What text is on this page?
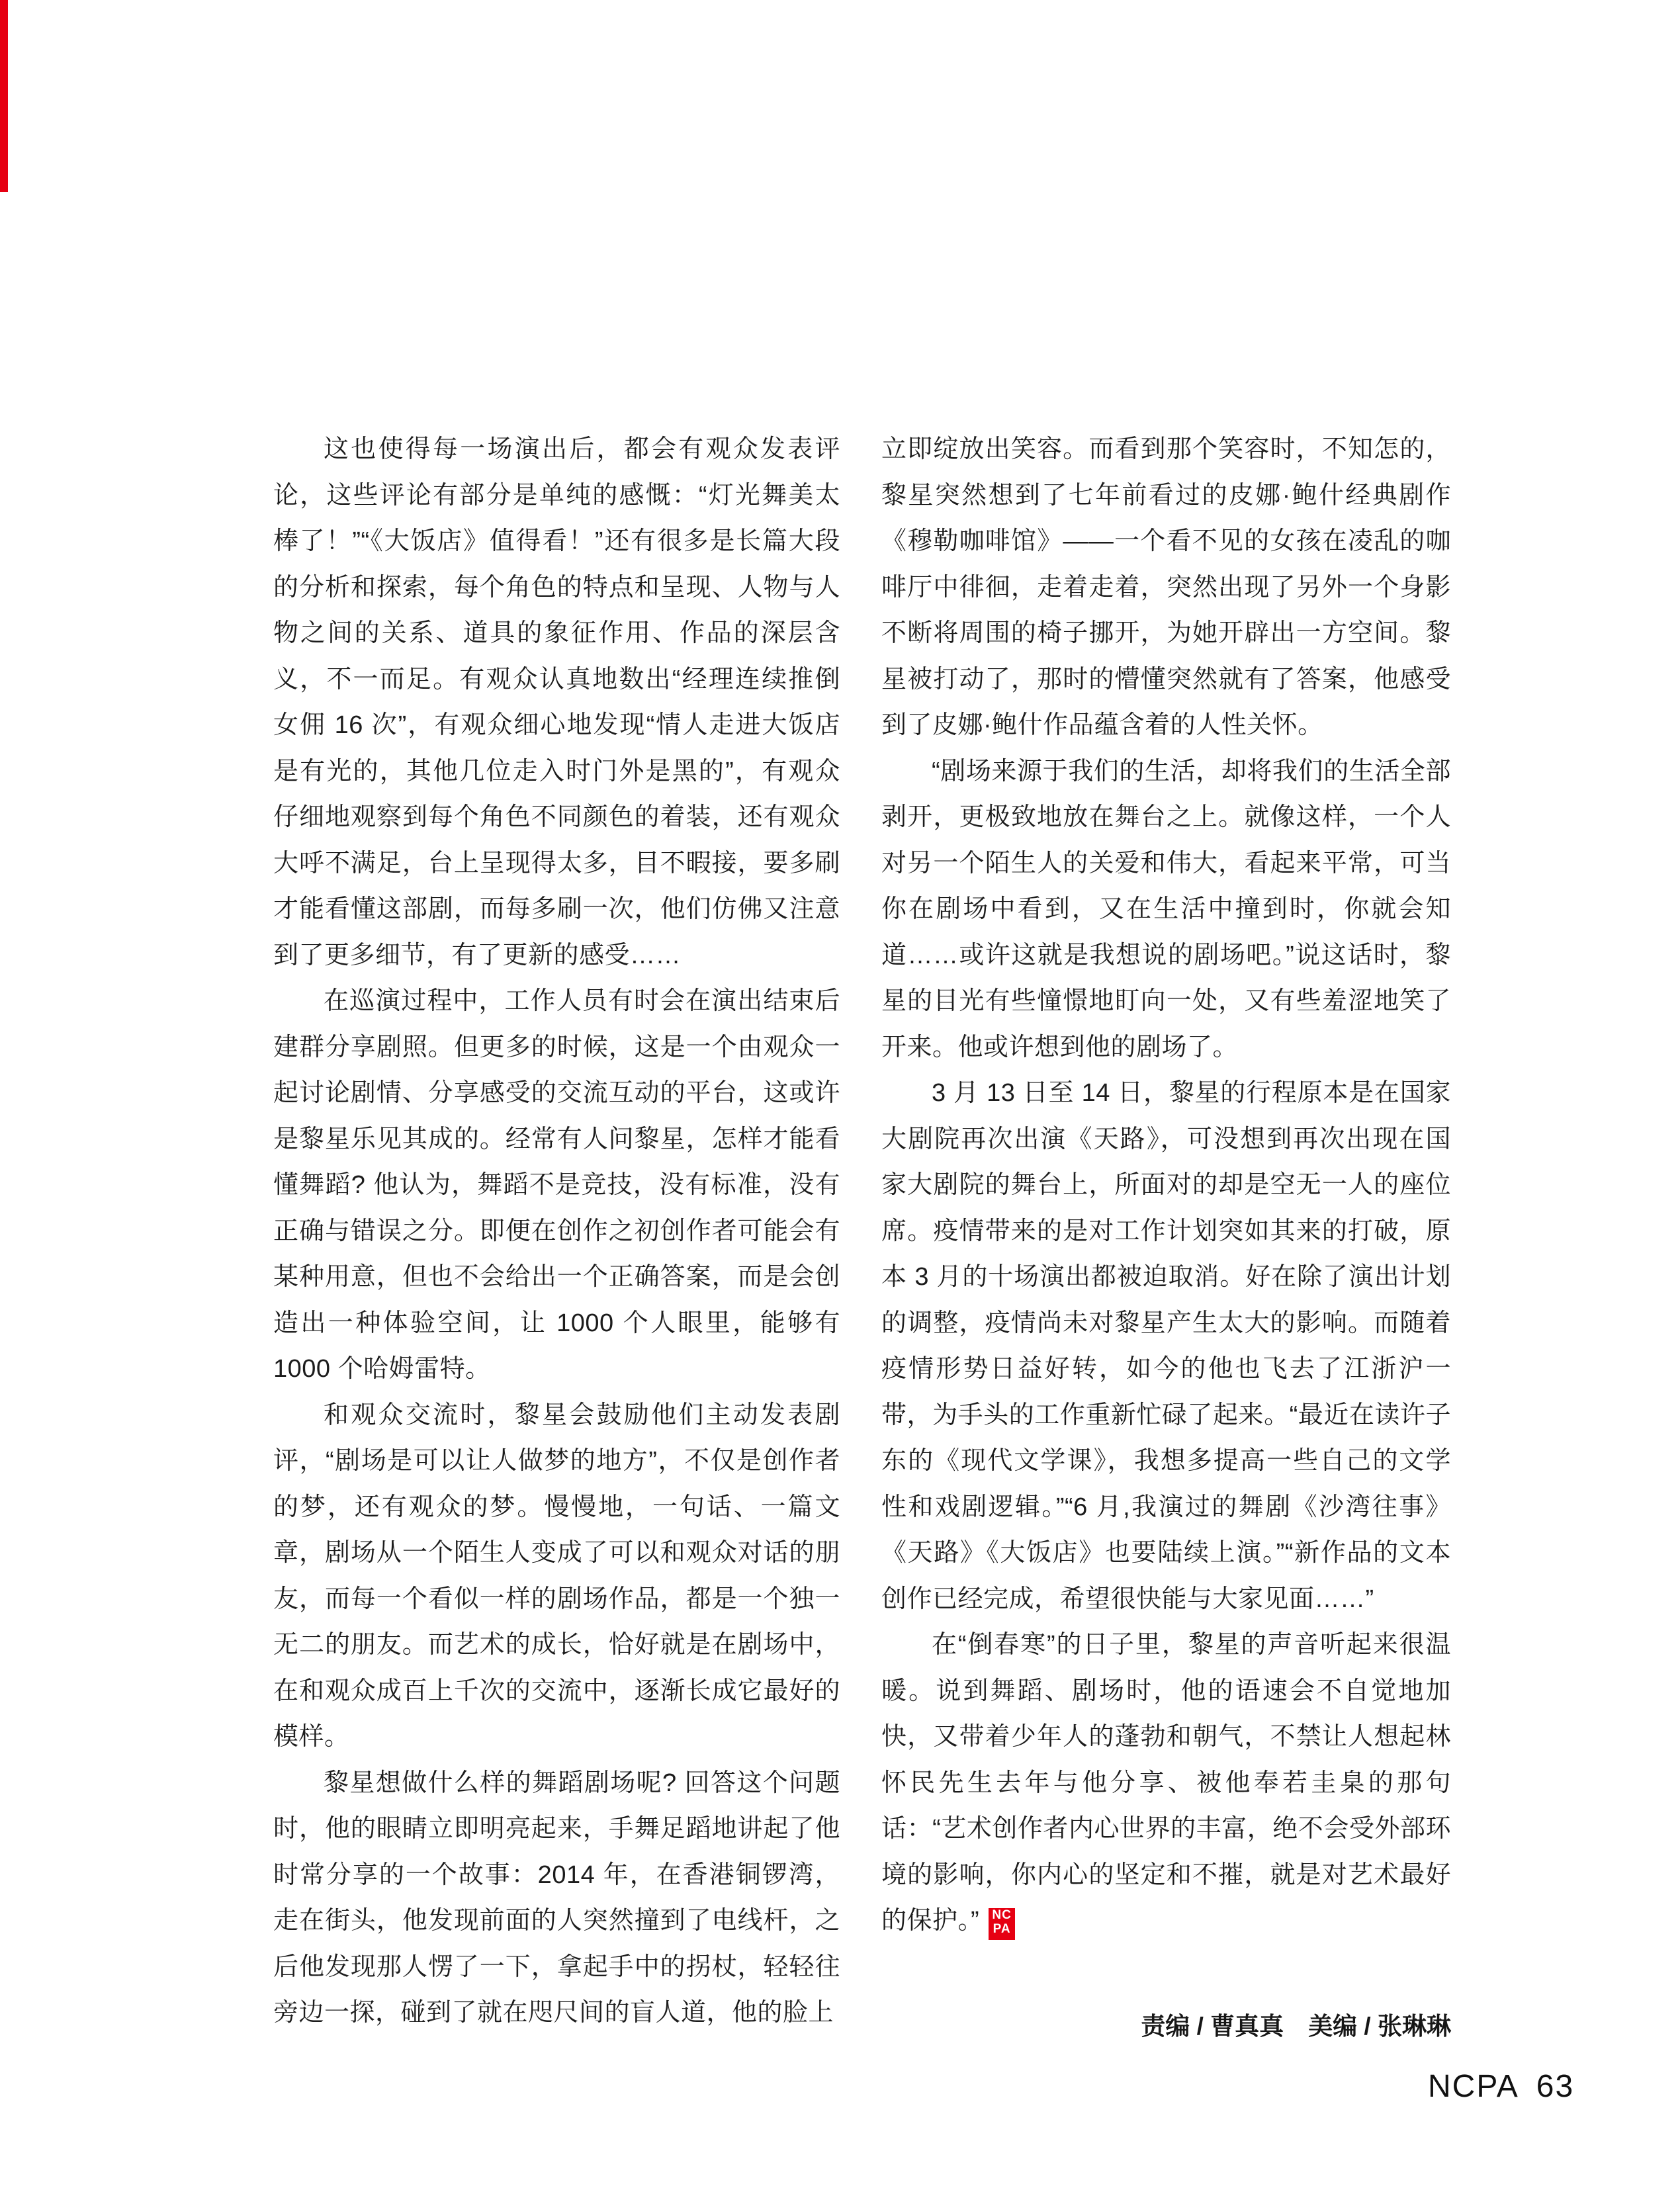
这也使得每一场演出后，都会有观众发表评论，这些评论有部分是单纯的感慨：“灯光舞美太棒了！”“《大饭店》值得看！”还有很多是长篇大段的分析和探索，每个角色的特点和呈现、人物与人物之间的关系、道具的象征作用、作品的深层含义，不一而足。有观众认真地数出“经理连续推倒女佣 16 次”，有观众细心地发现“情人走进大饭店是有光的，其他几位走入时门外是黑的”，有观众仔细地观察到每个角色不同颜色的着装，还有观众大呼不满足，台上呈现得太多，目不暇接，要多刷才能看懂这部剧，而每多刷一次，他们仿佛又注意到了更多细节，有了更新的感受……

在巡演过程中，工作人员有时会在演出结束后建群分享剧照。但更多的时候，这是一个由观众一起讨论剧情、分享感受的交流互动的平台，这或许是黎星乐见其成的。经常有人问黎星，怎样才能看懂舞蹈? 他认为，舞蹈不是竞技，没有标准，没有正确与错误之分。即便在创作之初创作者可能会有某种用意，但也不会给出一个正确答案，而是会创造出一种体验空间，让 1000 个人眼里，能够有 1000 个哈姆雷特。

和观众交流时，黎星会鼓励他们主动发表剧评，“剧场是可以让人做梦的地方”，不仅是创作者的梦，还有观众的梦。慢慢地，一句话、一篇文章，剧场从一个陌生人变成了可以和观众对话的朋友，而每一个看似一样的剧场作品，都是一个独一无二的朋友。而艺术的成长，恰好就是在剧场中，在和观众成百上千次的交流中，逐渐长成它最好的模样。

黎星想做什么样的舞蹈剧场呢? 回答这个问题时，他的眼睛立即明亮起来，手舞足蹈地讲起了他时常分享的一个故事：2014 年，在香港铜锣湾，走在街头，他发现前面的人突然撞到了电线杆，之后他发现那人愣了一下，拿起手中的拐杖，轻轻往旁边一探，碰到了就在咫尺间的盲人道，他的脸上

立即绽放出笑容。而看到那个笑容时，不知怎的，黎星突然想到了七年前看过的皮娜·鲍什经典剧作《穆勒咖啡馆》——一个看不见的女孩在凌乱的咖啡厅中徘徊，走着走着，突然出现了另外一个身影不断将周围的椅子挪开，为她开辟出一方空间。黎星被打动了，那时的懵懂突然就有了答案，他感受到了皮娜·鲍什作品蕴含着的人性关怀。

“剧场来源于我们的生活，却将我们的生活全部剥开，更极致地放在舞台之上。就像这样，一个人对另一个陌生人的关爱和伟大，看起来平常，可当你在剧场中看到，又在生活中撞到时，你就会知道……或许这就是我想说的剧场吧。”说这话时，黎星的目光有些憧憬地盯向一处，又有些羞涩地笑了开来。他或许想到他的剧场了。

3 月 13 日至 14 日，黎星的行程原本是在国家大剧院再次出演《天路》，可没想到再次出现在国家大剧院的舞台上，所面对的却是空无一人的座位席。疫情带来的是对工作计划突如其来的打破，原本 3 月的十场演出都被迫取消。好在除了演出计划的调整，疫情尚未对黎星产生太大的影响。而随着疫情形势日益好转，如今的他也飞去了江浙沪一带，为手头的工作重新忙碌了起来。“最近在读许子东的《现代文学课》，我想多提高一些自己的文学性和戏剧逻辑。”“6 月,我演过的舞剧《沙湾往事》《天路》《大饭店》也要陆续上演。”“新作品的文本创作已经完成，希望很快能与大家见面……”

在“倒春寒”的日子里，黎星的声音听起来很温暖。说到舞蹈、剧场时，他的语速会不自觉地加快，又带着少年人的蓬勃和朝气，不禁让人想起林怀民先生去年与他分享、被他奉若圭臬的那句话：“艺术创作者内心世界的丰富，绝不会受外部环境的影响，你内心的坚定和不摧，就是对艺术最好的保护。” NC
PA

责编 / 曹真真　美编 / 张琳琳
NCPA 63
